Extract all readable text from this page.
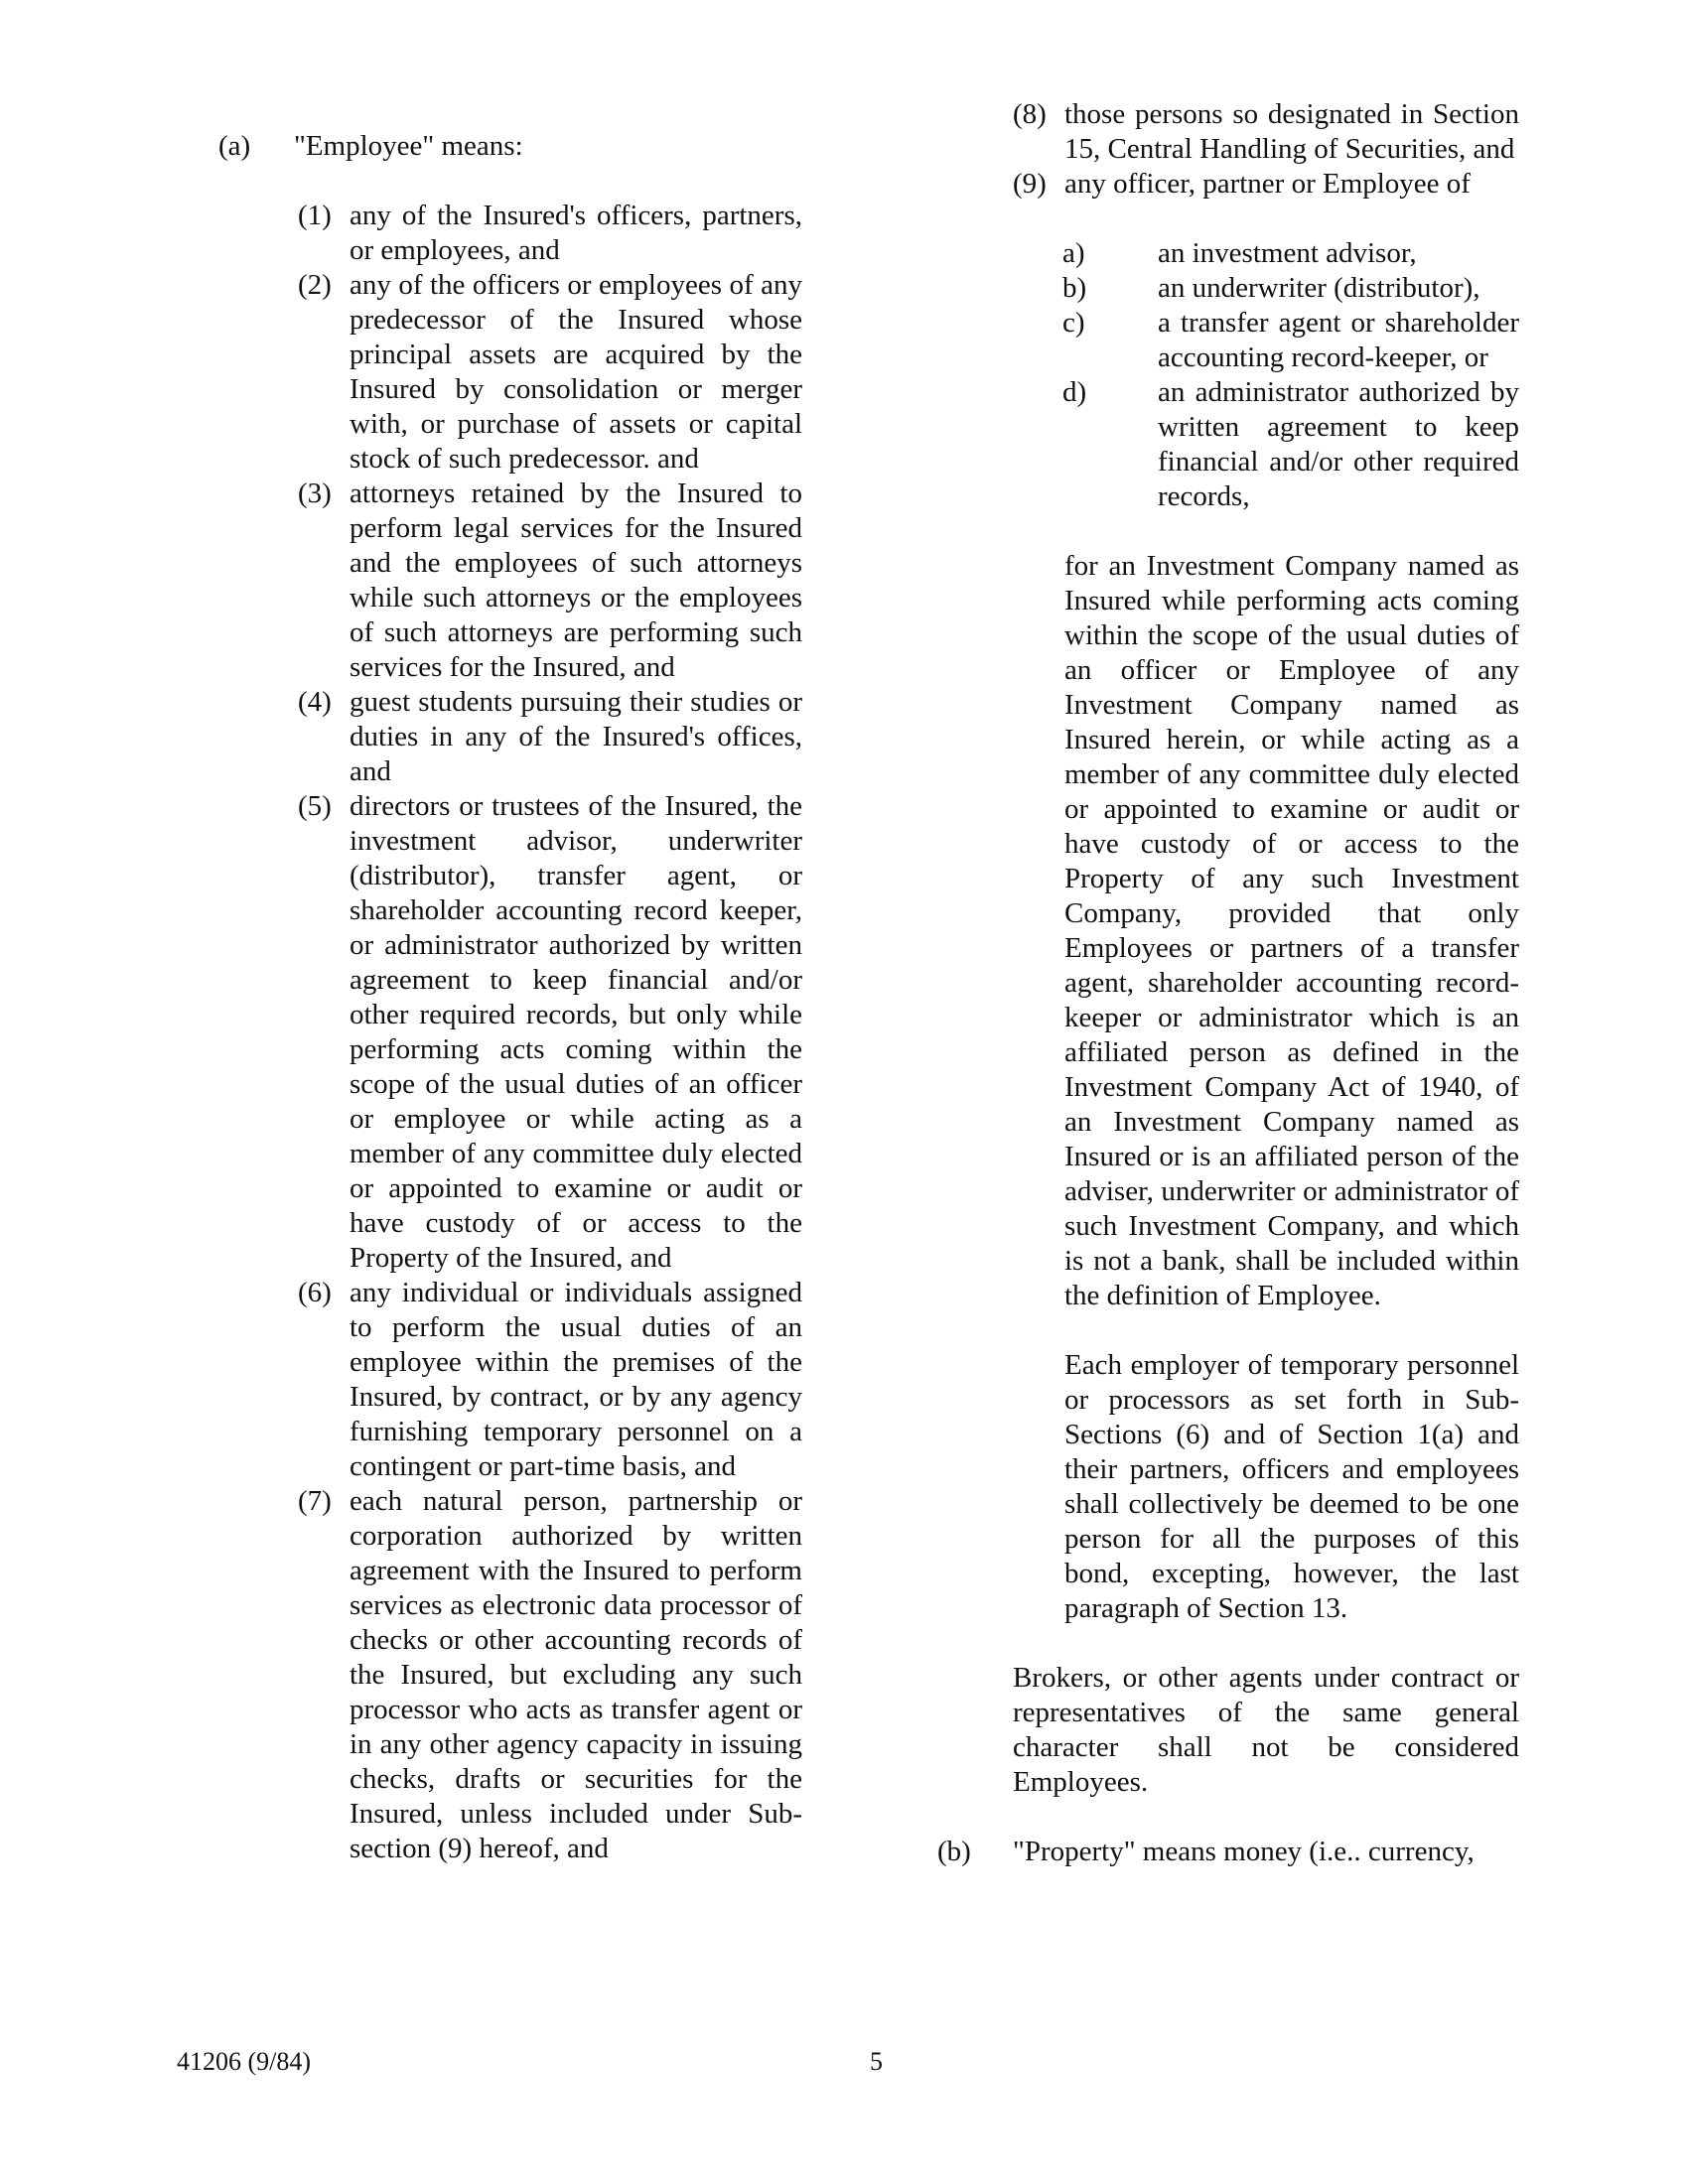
(a)	"Employee" means:
(1) any of the Insured's officers, partners, or employees, and
(2) any of the officers or employees of any predecessor of the Insured whose principal assets are acquired by the Insured by consolidation or merger with, or purchase of assets or capital stock of such predecessor. and
(3) attorneys retained by the Insured to perform legal services for the Insured and the employees of such attorneys while such attorneys or the employees of such attorneys are performing such services for the Insured, and
(4) guest students pursuing their studies or duties in any of the Insured's offices, and
(5) directors or trustees of the Insured, the investment advisor, underwriter (distributor), transfer agent, or shareholder accounting record keeper, or administrator authorized by written agreement to keep financial and/or other required records, but only while performing acts coming within the scope of the usual duties of an officer or employee or while acting as a member of any committee duly elected or appointed to examine or audit or have custody of or access to the Property of the Insured, and
(6) any individual or individuals assigned to perform the usual duties of an employee within the premises of the Insured, by contract, or by any agency furnishing temporary personnel on a contingent or part-time basis, and
(7) each natural person, partnership or corporation authorized by written agreement with the Insured to perform services as electronic data processor of checks or other accounting records of the Insured, but excluding any such processor who acts as transfer agent or in any other agency capacity in issuing checks, drafts or securities for the Insured, unless included under Sub-section (9) hereof, and
(8) those persons so designated in Section 15, Central Handling of Securities, and
(9) any officer, partner or Employee of
a)	an investment advisor,
b)	an underwriter (distributor),
c)	a transfer agent or shareholder accounting record-keeper, or
d)	an administrator authorized by written agreement to keep financial and/or other required records,
for an Investment Company named as Insured while performing acts coming within the scope of the usual duties of an officer or Employee of any Investment Company named as Insured herein, or while acting as a member of any committee duly elected or appointed to examine or audit or have custody of or access to the Property of any such Investment Company, provided that only Employees or partners of a transfer agent, shareholder accounting record-keeper or administrator which is an affiliated person as defined in the Investment Company Act of 1940, of an Investment Company named as Insured or is an affiliated person of the adviser, underwriter or administrator of such Investment Company, and which is not a bank, shall be included within the definition of Employee.
Each employer of temporary personnel or processors as set forth in Sub-Sections (6) and of Section 1(a) and their partners, officers and employees shall collectively be deemed to be one person for all the purposes of this bond, excepting, however, the last paragraph of Section 13.
Brokers, or other agents under contract or representatives of the same general character shall not be considered Employees.
(b)	"Property" means money (i.e.. currency,
41206 (9/84)	5
